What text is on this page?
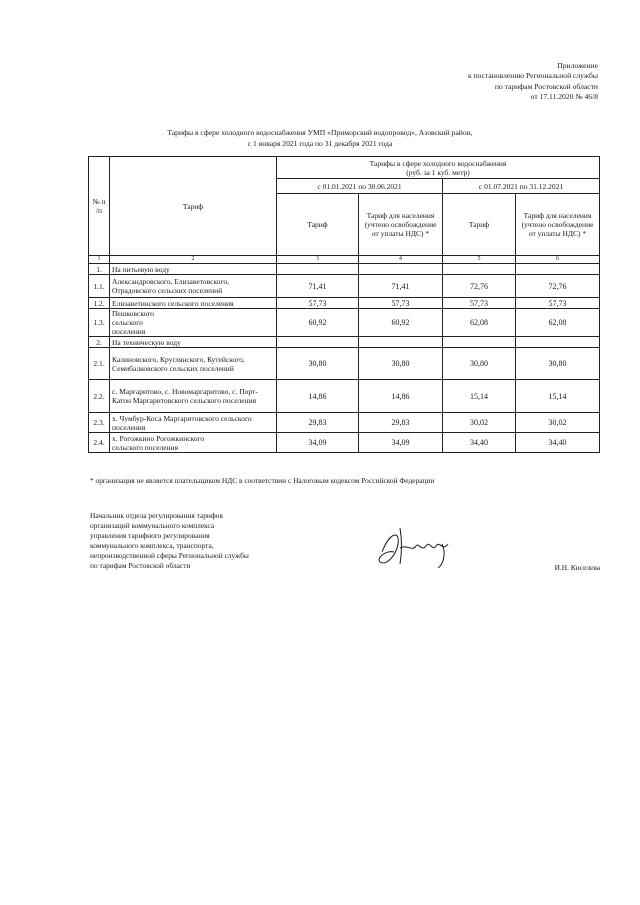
Приложение
к постановлению Региональной службы
по тарифам Ростовской области
от 17.11.2020 № 46/8
Тарифы в сфере холодного водоснабжения УМП «Приморский водопровод», Азовский район,
с 1 января 2021 года по 31 декабря 2021 года
№ п /п	Тариф	Тарифы в сфере холодного водоснабжения
(руб. за 1 куб. метр)			

		с 01.01.2021 по 30.06.2021		с 01.07.2021 по 31.12.2021	
		Тариф	Тариф для населения (учтено освобождение от уплаты НДС) *	Тариф	Тариф для населения (учтено освобождение от уплаты НДС) *
1	2	3	4	5	6
1.	На питьевую воду				
1.1.	Александровского, Елизаветовского, Отрадовского сельских поселений	71,41	71,41	72,76	72,76
1.2.	Елизаветинского сельского поселения	57,73	57,73	57,73	57,73
1.3.	Пешковского сельского поселения	60,92	60,92	62,08	62,08
2.	На техническую воду				
2.1.	Калиновского, Круглянского, Кутейского, Семибалковского сельских поселений	30,80	30,80	30,80	30,80
2.2.	с. Маргаритово, с. Новомаргаритово, с. Порт-Катон Маргаритовского сельского поселения	14,86	14,86	15,14	15,14
2.3.	х. Чумбур-Коса Маргаритовского сельского поселения	29,83	29,83	30,02	30,02
2.4.	х. Рогожкино Рогожкинского сельского поселения	34,09	34,09	34,40	34,40
* организация не является плательщиком НДС в соответствии с Налоговым кодексом Российской Федерации
Начальник отдела регулирования тарифов
организаций коммунального комплекса
управления тарифного регулирования
коммунального комплекса, транспорта,
непроизводственной сферы Региональной службы
по тарифам Ростовской области	И.Н. Киселева
